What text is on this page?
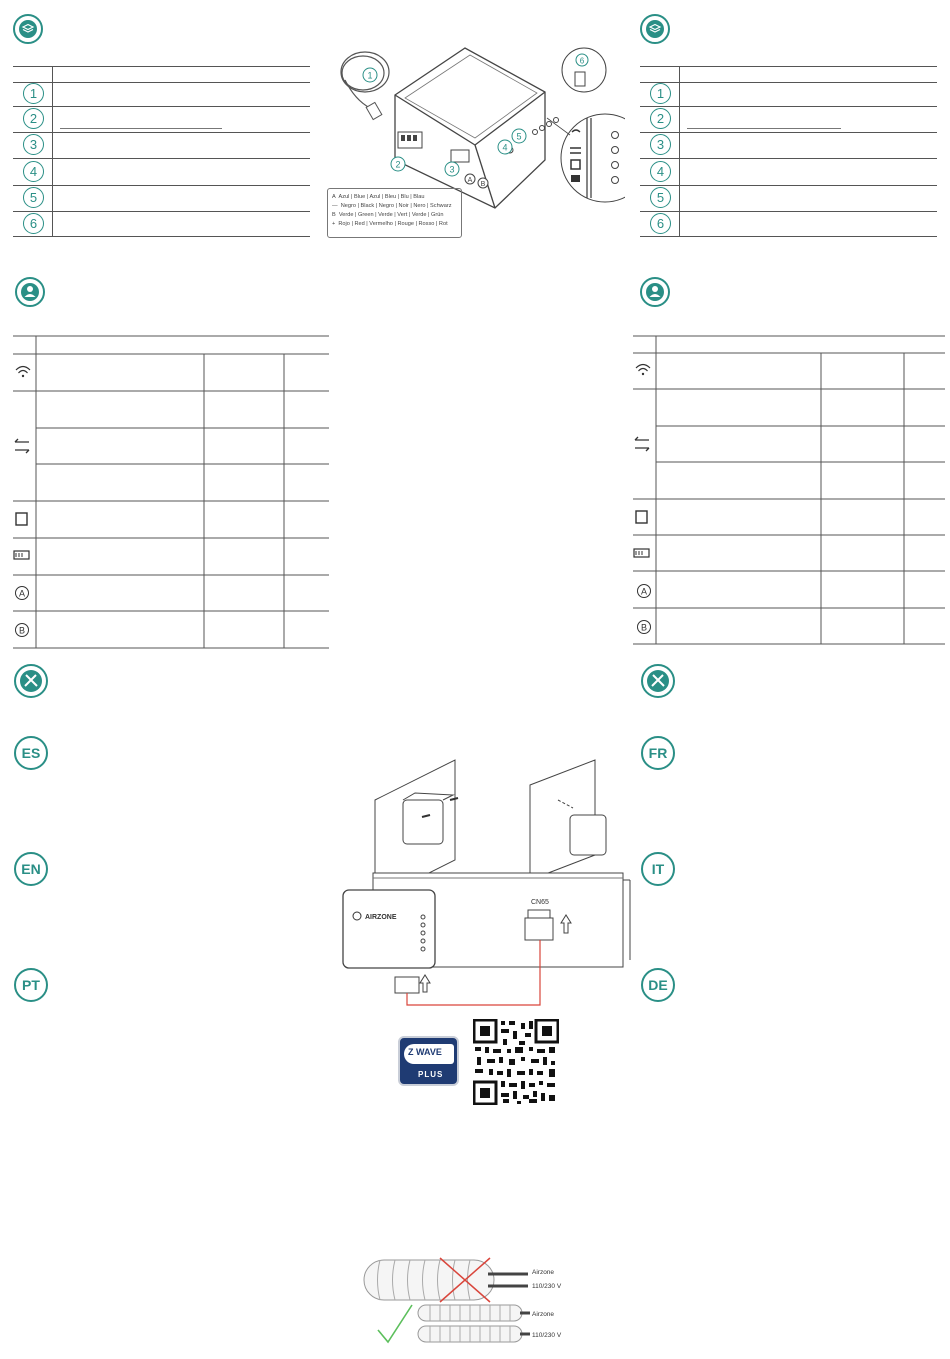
1
2
3
4
5
6
1
2
3
4
5
6
1
2	3
4
5
A
B
6
A Azul | Blue | Azul | Bleu | Blu | Blau
— Negro | Black | Negro | Noir | Nero | Schwarz
B Verde | Green | Verde | Vert | Verde | Grün
+ Rojo | Red | Vermelho | Rouge | Rosso | Rot
A
B
A
B
ES
EN
PT
FR
IT
DE
AIRZONE
CN65
Z WAVE
PLUS
Airzone
110/230 V
Airzone
110/230 V
